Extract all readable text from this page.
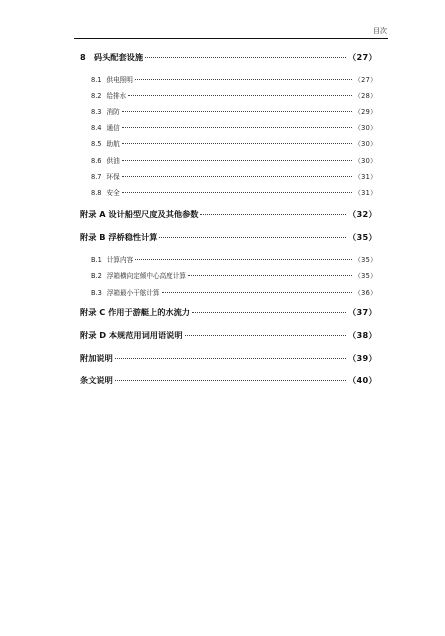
目次
8　码头配套设施	（27）
8.1 供电照明	（27）
8.2 给排水	（28）
8.3 消防	（29）
8.4 通信	（30）
8.5 助航	（30）
8.6 供油	（30）
8.7 环保	（31）
8.8 安全	（31）
附录 A 设计船型尺度及其他参数	（32）
附录 B 浮桥稳性计算	（35）
B.1 计算内容	（35）
B.2 浮箱横向定倾中心高度计算	（35）
B.3 浮箱最小干舷计算	（36）
附录 C 作用于游艇上的水流力	（37）
附录 D 本规范用词用语说明	（38）
附加说明	（39）
条文说明	（40）
